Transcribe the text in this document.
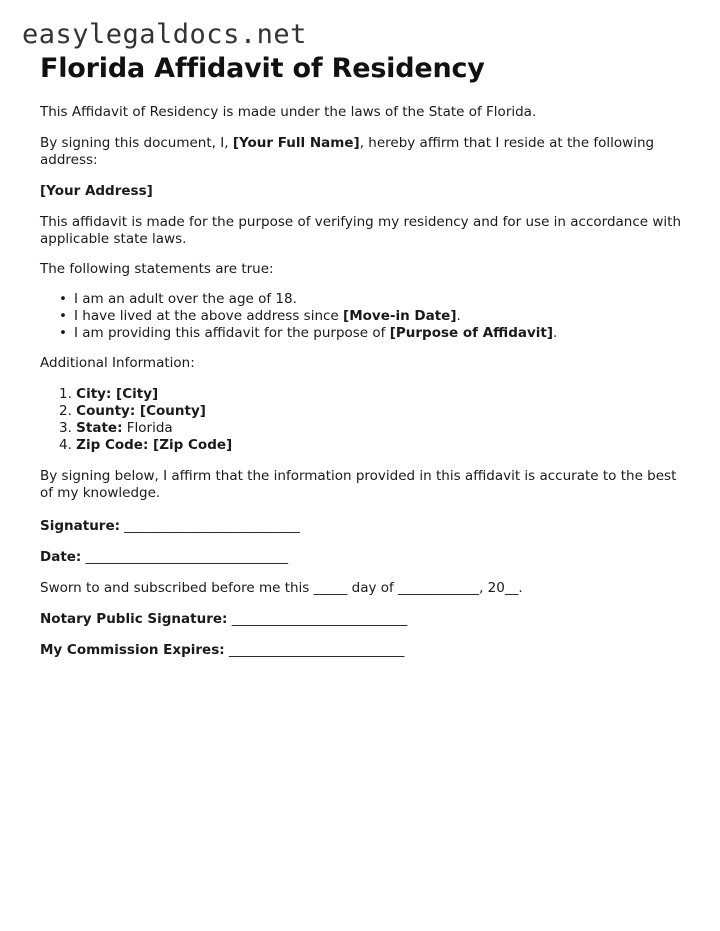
easylegaldocs.net
Florida Affidavit of Residency

This Affidavit of Residency is made under the laws of the State of Florida.

By signing this document, I, [Your Full Name], hereby affirm that I reside at the following address:

[Your Address]

This affidavit is made for the purpose of verifying my residency and for use in accordance with applicable state laws.

The following statements are true:

• I am an adult over the age of 18.
• I have lived at the above address since [Move-in Date].
• I am providing this affidavit for the purpose of [Purpose of Affidavit].

Additional Information:

1. City: [City]
2. County: [County]
3. State: Florida
4. Zip Code: [Zip Code]

By signing below, I affirm that the information provided in this affidavit is accurate to the best of my knowledge.

Signature: __________________________
Date: ______________________________
Sworn to and subscribed before me this _____ day of ____________, 20__.
Notary Public Signature: __________________________
My Commission Expires: __________________________
